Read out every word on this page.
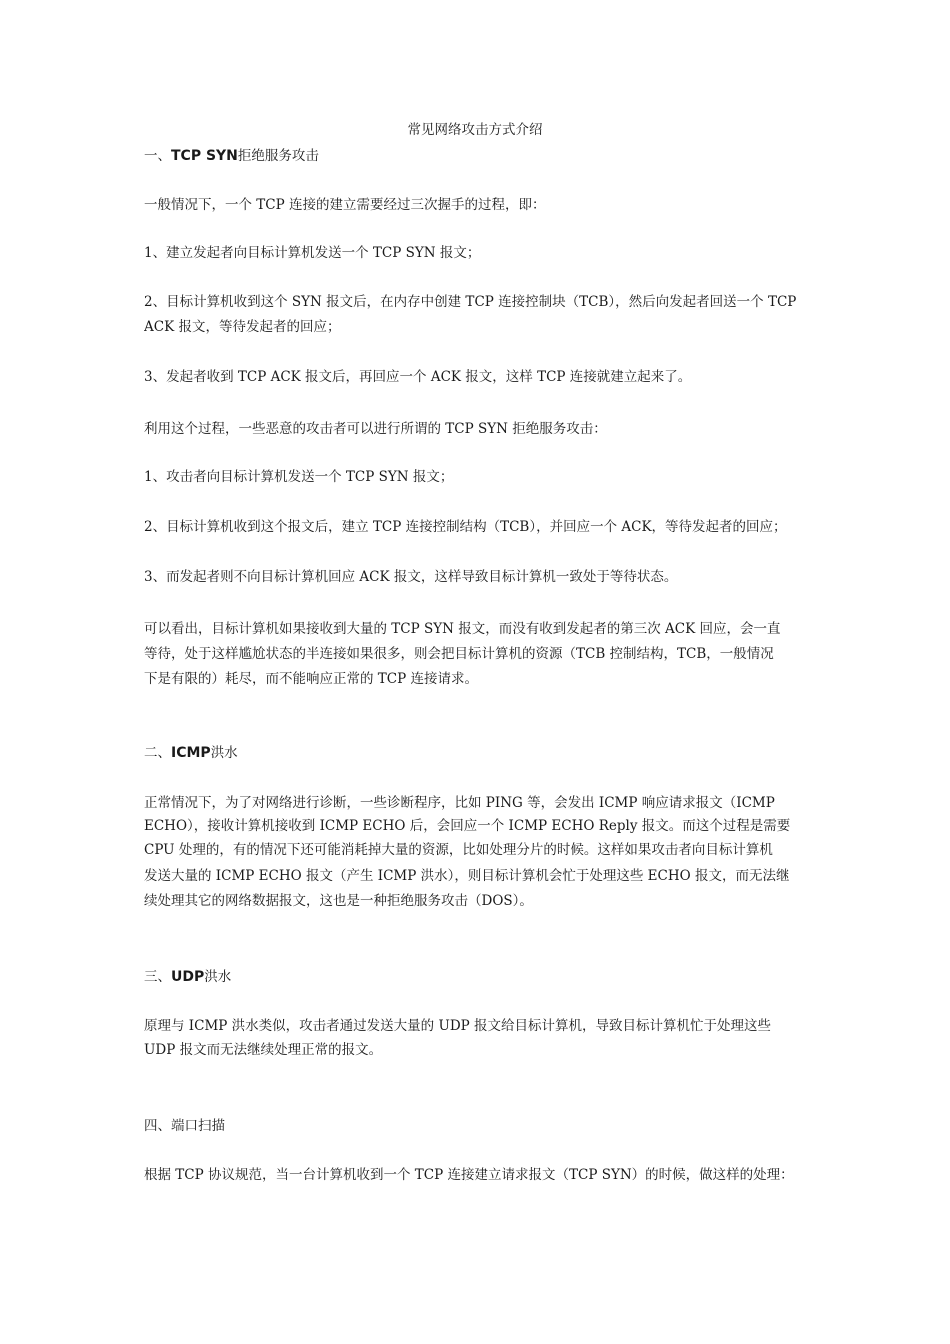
常见网络攻击方式介绍
一、TCP SYN拒绝服务攻击
一般情况下，一个 TCP 连接的建立需要经过三次握手的过程，即：
1、建立发起者向目标计算机发送一个 TCP SYN 报文；
2、目标计算机收到这个 SYN 报文后，在内存中创建 TCP 连接控制块（TCB），然后向发起者回送一个 TCP
ACK 报文，等待发起者的回应；
3、发起者收到 TCP ACK 报文后，再回应一个 ACK 报文，这样 TCP 连接就建立起来了。
利用这个过程，一些恶意的攻击者可以进行所谓的 TCP SYN 拒绝服务攻击：
1、攻击者向目标计算机发送一个 TCP SYN 报文；
2、目标计算机收到这个报文后，建立 TCP 连接控制结构（TCB），并回应一个 ACK，等待发起者的回应；
3、而发起者则不向目标计算机回应 ACK 报文，这样导致目标计算机一致处于等待状态。
可以看出，目标计算机如果接收到大量的 TCP SYN 报文，而没有收到发起者的第三次 ACK 回应，会一直
等待，处于这样尴尬状态的半连接如果很多，则会把目标计算机的资源（TCB 控制结构，TCB，一般情况
下是有限的）耗尽，而不能响应正常的 TCP 连接请求。
二、ICMP洪水
正常情况下，为了对网络进行诊断，一些诊断程序，比如 PING 等，会发出 ICMP 响应请求报文（ICMP
ECHO），接收计算机接收到 ICMP ECHO 后，会回应一个 ICMP ECHO Reply 报文。而这个过程是需要
CPU 处理的，有的情况下还可能消耗掉大量的资源，比如处理分片的时候。这样如果攻击者向目标计算机
发送大量的 ICMP ECHO 报文（产生 ICMP 洪水），则目标计算机会忙于处理这些 ECHO 报文，而无法继
续处理其它的网络数据报文，这也是一种拒绝服务攻击（DOS）。
三、UDP洪水
原理与 ICMP 洪水类似，攻击者通过发送大量的 UDP 报文给目标计算机，导致目标计算机忙于处理这些
UDP 报文而无法继续处理正常的报文。
四、端口扫描
根据 TCP 协议规范，当一台计算机收到一个 TCP 连接建立请求报文（TCP SYN）的时候，做这样的处理：
